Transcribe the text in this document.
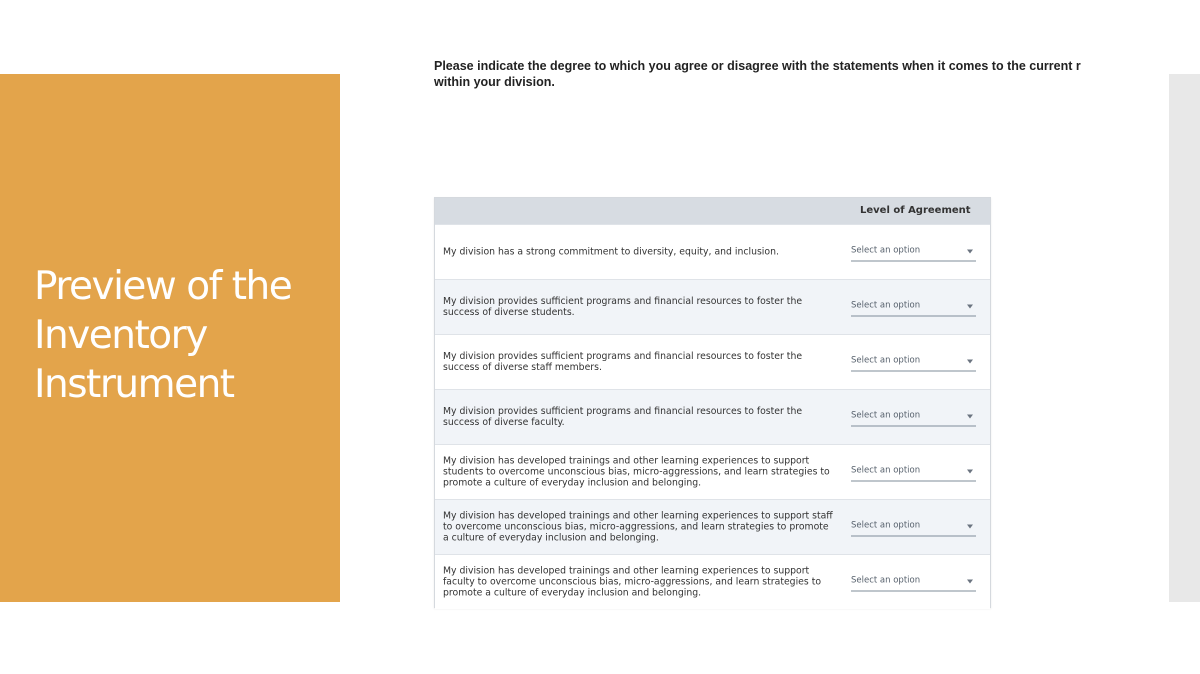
Preview of the
Inventory
Instrument

Please indicate the degree to which you agree or disagree with the statements when it comes to the current r
within your division.

Level of Agreement
My division has a strong commitment to diversity, equity, and inclusion.	Select an option
My division provides sufficient programs and financial resources to foster the success of diverse students.
Select an option
My division provides sufficient programs and financial resources to foster the success of diverse staff members.
Select an option
My division provides sufficient programs and financial resources to foster the success of diverse faculty.
Select an option
My division has developed trainings and other learning experiences to support students to overcome unconscious bias, micro-aggressions, and learn strategies to promote a culture of everyday inclusion and belonging.
Select an option
My division has developed trainings and other learning experiences to support staff to overcome unconscious bias, micro-aggressions, and learn strategies to promote a culture of everyday inclusion and belonging.
Select an option
My division has developed trainings and other learning experiences to support faculty to overcome unconscious bias, micro-aggressions, and learn strategies to promote a culture of everyday inclusion and belonging.
Select an option
